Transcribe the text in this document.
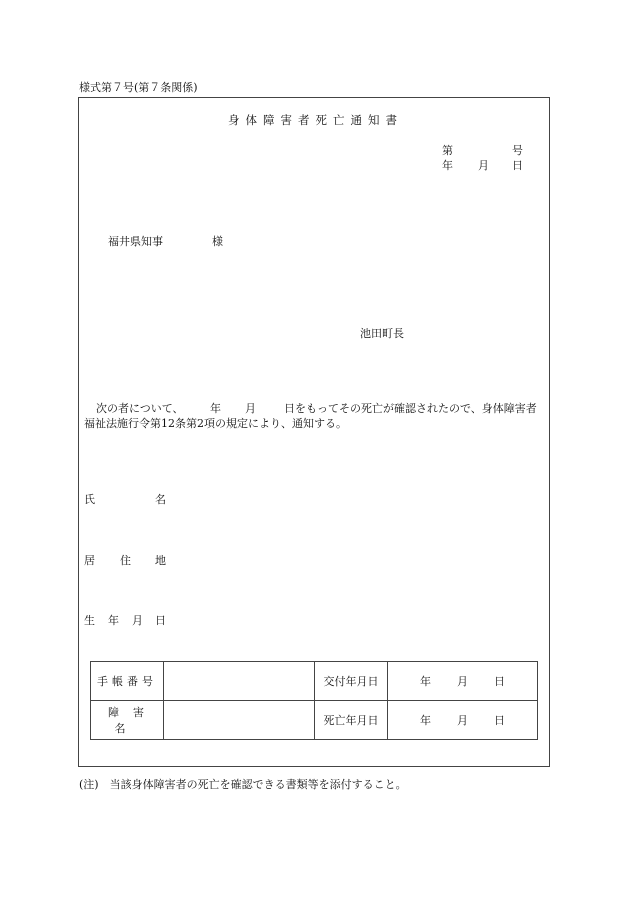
様式第７号(第７条関係)
身体障害者死亡通知書
第	号
年 月 日
福井県知事	様
池田町長
次の者について、 年 月	日をもってその死亡が確認されたので、身体障害者
福祉法施行令第12条第2項の規定により、通知する。
氏	名
居 住 地
生 年 月 日
手帳番号		交付年月日	年 月 日
障害名		死亡年月日	年 月 日
(注)　当該身体障害者の死亡を確認できる書類等を添付すること。
